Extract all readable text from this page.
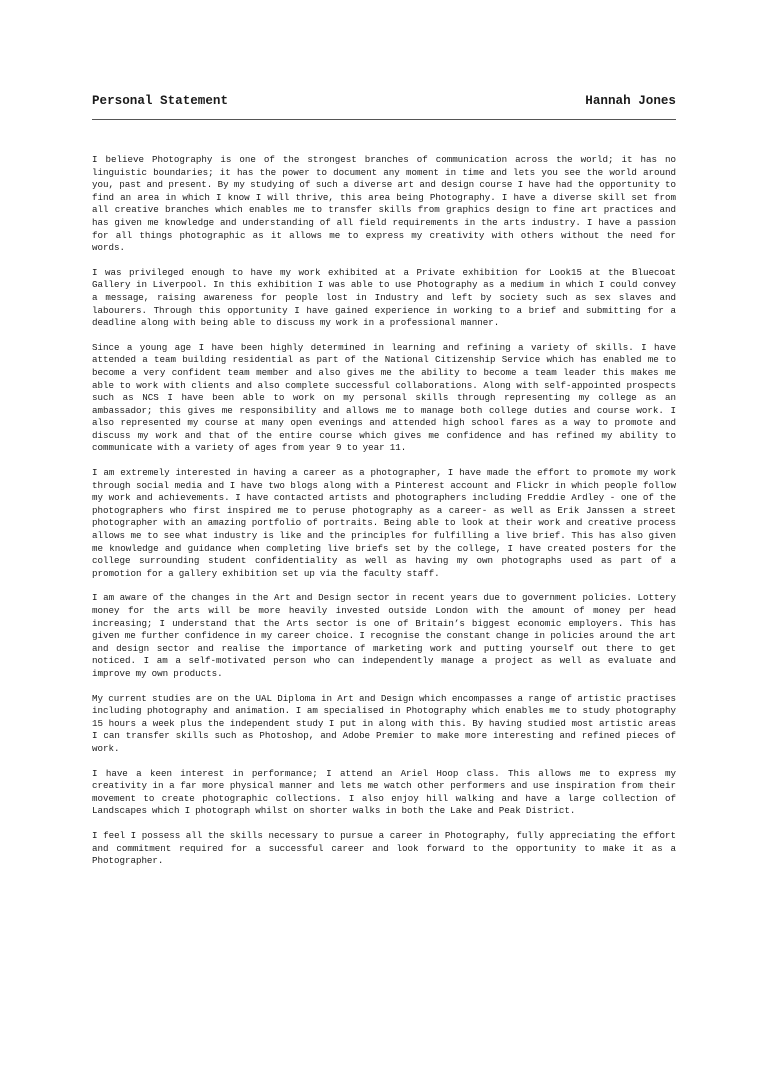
Personal Statement	Hannah Jones

I believe Photography is one of the strongest branches of communication across the world; it has no linguistic boundaries; it has the power to document any moment in time and lets you see the world around you, past and present. By my studying of such a diverse art and design course I have had the opportunity to find an area in which I know I will thrive, this area being Photography. I have a diverse skill set from all creative branches which enables me to transfer skills from graphics design to fine art practices and has given me knowledge and understanding of all field requirements in the arts industry. I have a passion for all things photographic as it allows me to express my creativity with others without the need for words.

I was privileged enough to have my work exhibited at a Private exhibition for Look15 at the Bluecoat Gallery in Liverpool. In this exhibition I was able to use Photography as a medium in which I could convey a message, raising awareness for people lost in Industry and left by society such as sex slaves and labourers. Through this opportunity I have gained experience in working to a brief and submitting for a deadline along with being able to discuss my work in a professional manner.

Since a young age I have been highly determined in learning and refining a variety of skills. I have attended a team building residential as part of the National Citizenship Service which has enabled me to become a very confident team member and also gives me the ability to become a team leader this makes me able to work with clients and also complete successful collaborations. Along with self-appointed prospects such as NCS I have been able to work on my personal skills through representing my college as an ambassador; this gives me responsibility and allows me to manage both college duties and course work. I also represented my course at many open evenings and attended high school fares as a way to promote and discuss my work and that of the entire course which gives me confidence and has refined my ability to communicate with a variety of ages from year 9 to year 11.

I am extremely interested in having a career as a photographer, I have made the effort to promote my work through social media and I have two blogs along with a Pinterest account and Flickr in which people follow my work and achievements. I have contacted artists and photographers including Freddie Ardley - one of the photographers who first inspired me to peruse photography as a career- as well as Erik Janssen a street photographer with an amazing portfolio of portraits. Being able to look at their work and creative process allows me to see what industry is like and the principles for fulfilling a live brief. This has also given me knowledge and guidance when completing live briefs set by the college, I have created posters for the college surrounding student confidentiality as well as having my own photographs used as part of a promotion for a gallery exhibition set up via the faculty staff.

I am aware of the changes in the Art and Design sector in recent years due to government policies. Lottery money for the arts will be more heavily invested outside London with the amount of money per head increasing; I understand that the Arts sector is one of Britain’s biggest economic employers. This has given me further confidence in my career choice. I recognise the constant change in policies around the art and design sector and realise the importance of marketing work and putting yourself out there to get noticed. I am a self-motivated person who can independently manage a project as well as evaluate and improve my own products.

My current studies are on the UAL Diploma in Art and Design which encompasses a range of artistic practises including photography and animation. I am specialised in Photography which enables me to study photography 15 hours a week plus the independent study I put in along with this. By having studied most artistic areas I can transfer skills such as Photoshop, and Adobe Premier to make more interesting and refined pieces of work.

I have a keen interest in performance; I attend an Ariel Hoop class. This allows me to express my creativity in a far more physical manner and lets me watch other performers and use inspiration from their movement to create photographic collections. I also enjoy hill walking and have a large collection of Landscapes which I photograph whilst on shorter walks in both the Lake and Peak District.

I feel I possess all the skills necessary to pursue a career in Photography, fully appreciating the effort and commitment required for a successful career and look forward to the opportunity to make it as a Photographer.
